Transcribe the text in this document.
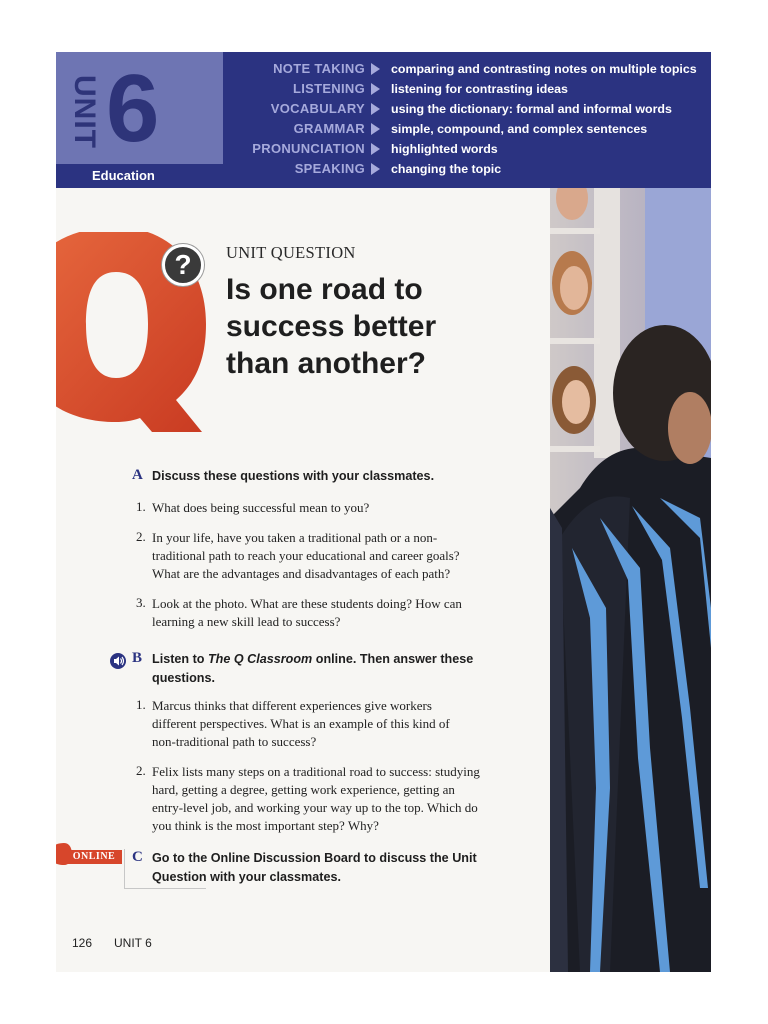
UNIT 6
Education
NOTE TAKING comparing and contrasting notes on multiple topics
LISTENING listening for contrasting ideas
VOCABULARY using the dictionary: formal and informal words
GRAMMAR simple, compound, and complex sentences
PRONUNCIATION highlighted words
SPEAKING changing the topic
?	UNIT QUESTION
Is one road to
success better
than another?
A Discuss these questions with your classmates.
1. What does being successful mean to you?
2. In your life, have you taken a traditional path or a non-
traditional path to reach your educational and career goals?
What are the advantages and disadvantages of each path?
3. Look at the photo. What are these students doing? How can
learning a new skill lead to success?
B Listen to The Q Classroom online. Then answer these
questions.
1. Marcus thinks that different experiences give workers
different perspectives. What is an example of this kind of
non-traditional path to success?
2. Felix lists many steps on a traditional road to success: studying
hard, getting a degree, getting work experience, getting an
entry-level job, and working your way up to the top. Which do
you think is the most important step? Why?
ONLINE	C Go to the Online Discussion Board to discuss the Unit
Question with your classmates.
126 UNIT 6
